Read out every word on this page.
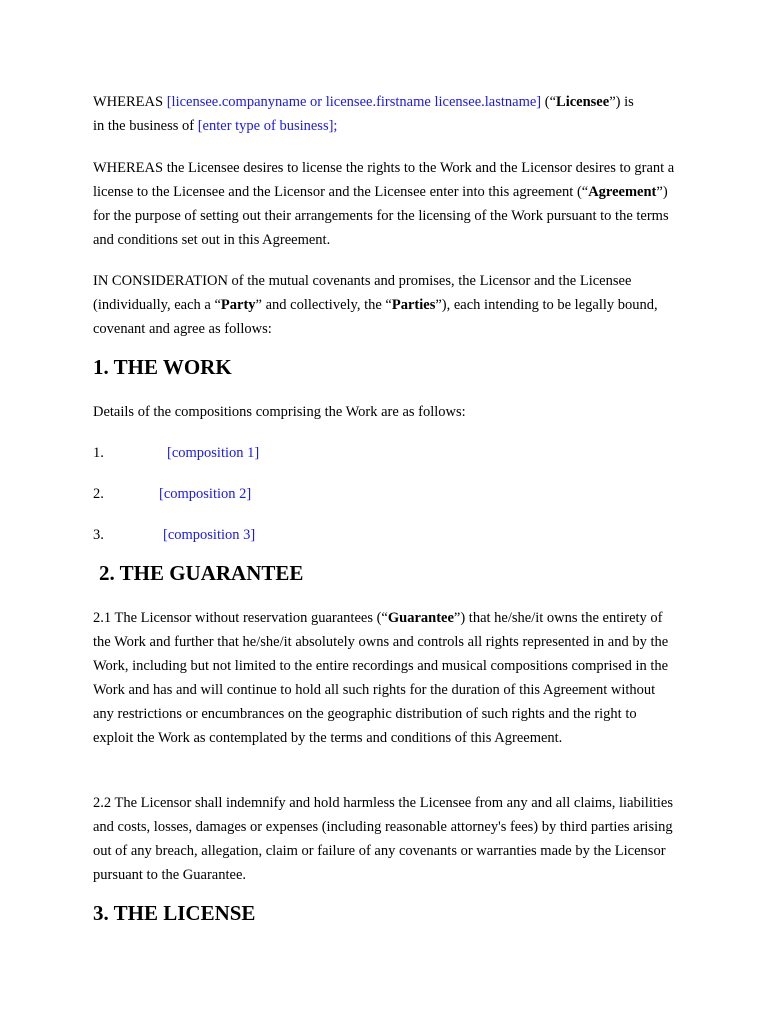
WHEREAS [licensee.companyname or licensee.firstname licensee.lastname] (“Licensee”) is
in the business of [enter type of business];

WHEREAS the Licensee desires to license the rights to the Work and the Licensor desires to grant a license to the Licensee and the Licensor and the Licensee enter into this agreement (“Agreement”) for the purpose of setting out their arrangements for the licensing of the Work pursuant to the terms and conditions set out in this Agreement.

IN CONSIDERATION of the mutual covenants and promises, the Licensor and the Licensee (individually, each a “Party” and collectively, the “Parties”), each intending to be legally bound, covenant and agree as follows:

1. THE WORK

Details of the compositions comprising the Work are as follows:

1.	[composition 1]
2.	[composition 2]
3.	[composition 3]
2. THE GUARANTEE

2.1 The Licensor without reservation guarantees (“Guarantee”) that he/she/it owns the entirety of the Work and further that he/she/it absolutely owns and controls all rights represented in and by the Work, including but not limited to the entire recordings and musical compositions comprised in the Work and has and will continue to hold all such rights for the duration of this Agreement without any restrictions or encumbrances on the geographic distribution of such rights and the right to exploit the Work as contemplated by the terms and conditions of this Agreement.

2.2 The Licensor shall indemnify and hold harmless the Licensee from any and all claims, liabilities and costs, losses, damages or expenses (including reasonable attorney's fees) by third parties arising out of any breach, allegation, claim or failure of any covenants or warranties made by the Licensor pursuant to the Guarantee.

3. THE LICENSE
